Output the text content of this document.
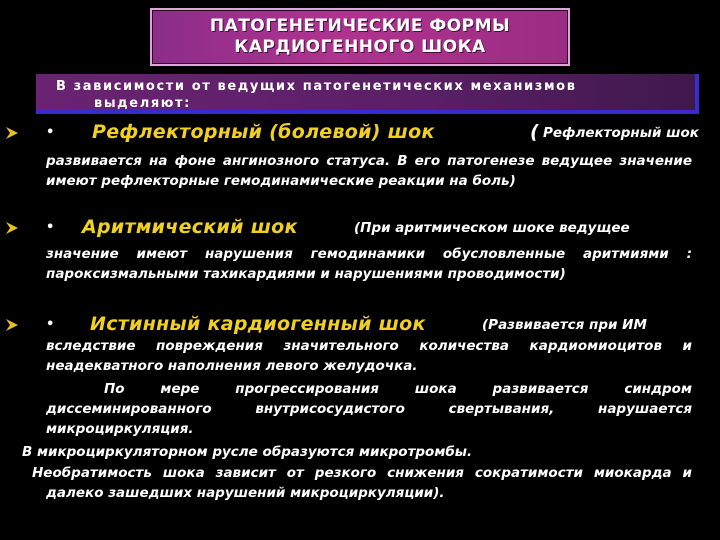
ПАТОГЕНЕТИЧЕСКИЕ ФОРМЫ
КАРДИОГЕННОГО ШОКА
В зависимости от ведущих патогенетических механизмов
выделяют:
• Рефлекторный (болевой) шок	( Рефлекторный шок
развивается на фоне ангинозного статуса. В его патогенезе ведущее значение имеют рефлекторные гемодинамические реакции на боль)
• Аритмический шок	(При аритмическом шоке ведущее
значение имеют нарушения гемодинамики обусловленные аритмиями : пароксизмальными тахикардиями и нарушениями проводимости)
• Истинный кардиогенный шок	(Развивается при ИМ
вследствие повреждения значительного количества кардиомиоцитов и неадекватного наполнения левого желудочка.
По мере прогрессирования шока развивается синдром диссеминированного внутрисосудистого свертывания, нарушается микроциркуляция.
В микроциркуляторном русле образуются микротромбы.
Необратимость шока зависит от резкого снижения сократимости миокарда и далеко зашедших нарушений микроциркуляции).
